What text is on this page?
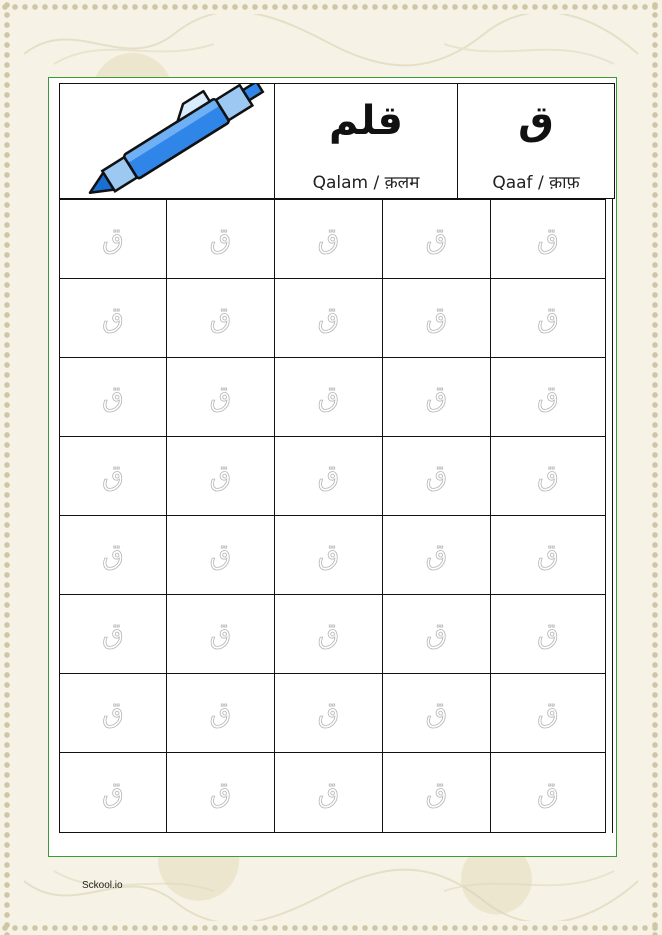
قلم
Qalam / क़लम
ق
Qaaf / क़ाफ़
ق	ق	ق	ق	ق
ق	ق	ق	ق	ق
ق	ق	ق	ق	ق
ق	ق	ق	ق	ق
ق	ق	ق	ق	ق
ق	ق	ق	ق	ق
ق	ق	ق	ق	ق
ق	ق	ق	ق	ق
Sckool.io
